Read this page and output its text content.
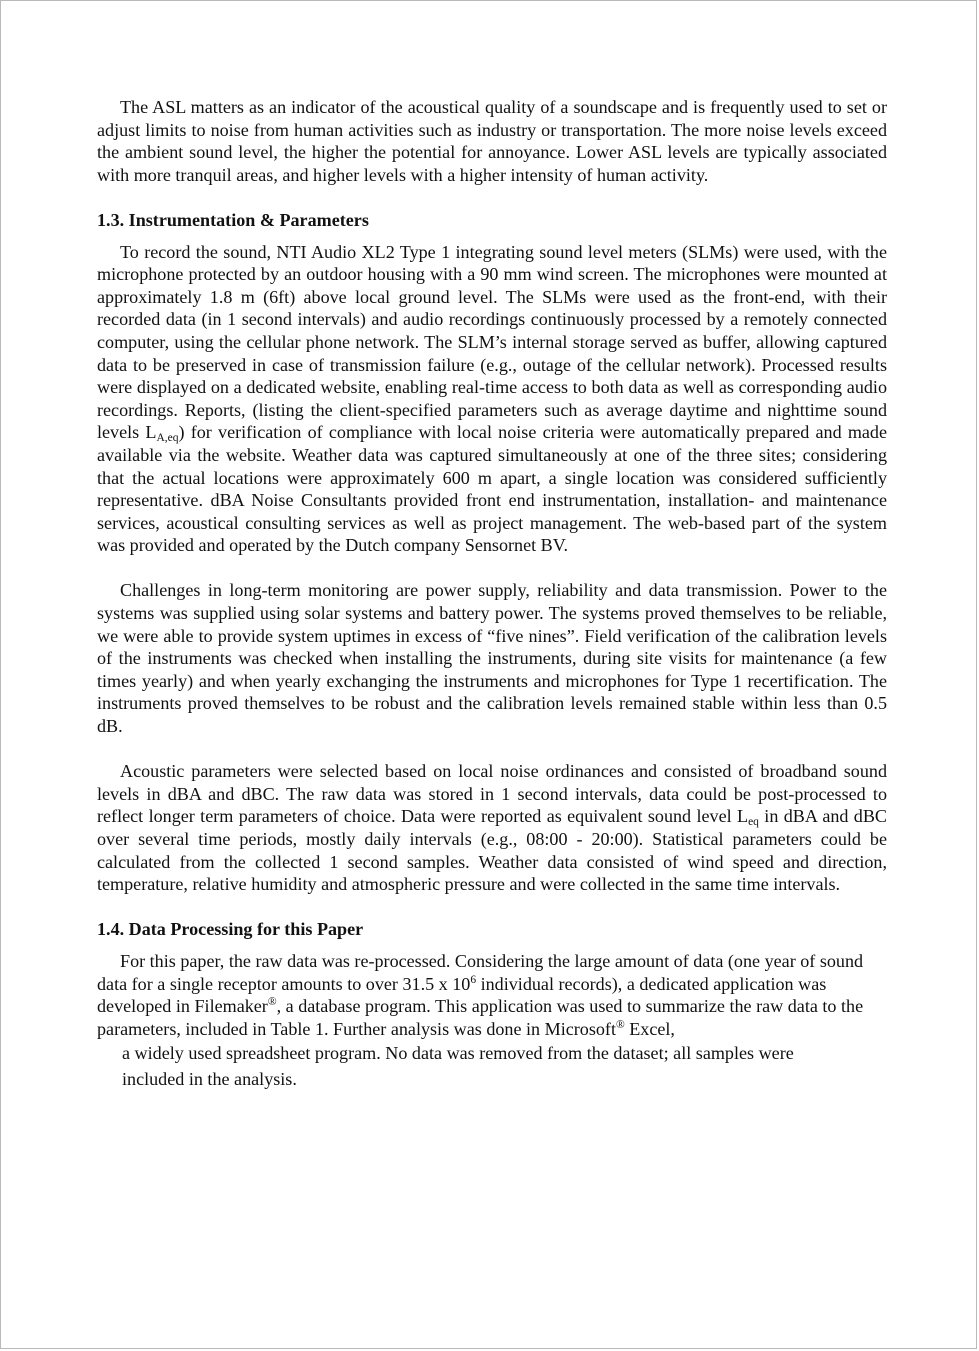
The ASL matters as an indicator of the acoustical quality of a soundscape and is frequently used to set or adjust limits to noise from human activities such as industry or transportation. The more noise levels exceed the ambient sound level, the higher the potential for annoyance. Lower ASL levels are typically associated with more tranquil areas, and higher levels with a higher intensity of human activity.

1.3. Instrumentation & Parameters

To record the sound, NTI Audio XL2 Type 1 integrating sound level meters (SLMs) were used, with the microphone protected by an outdoor housing with a 90 mm wind screen. The microphones were mounted at approximately 1.8 m (6ft) above local ground level. The SLMs were used as the front-end, with their recorded data (in 1 second intervals) and audio recordings continuously processed by a remotely connected computer, using the cellular phone network. The SLM’s internal storage served as buffer, allowing captured data to be preserved in case of transmission failure (e.g., outage of the cellular network). Processed results were displayed on a dedicated website, enabling real-time access to both data as well as corresponding audio recordings. Reports, (listing the client-specified parameters such as average daytime and nighttime sound levels $L_{A,eq}$) for verification of compliance with local noise criteria were automatically prepared and made available via the website. Weather data was captured simultaneously at one of the three sites; considering that the actual locations were approximately 600 m apart, a single location was considered sufficiently representative. dBA Noise Consultants provided front end instrumentation, installation- and maintenance services, acoustical consulting services as well as project management. The web-based part of the system was provided and operated by the Dutch company Sensornet BV.

Challenges in long-term monitoring are power supply, reliability and data transmission. Power to the systems was supplied using solar systems and battery power. The systems proved themselves to be reliable, we were able to provide system uptimes in excess of “five nines”. Field verification of the calibration levels of the instruments was checked when installing the instruments, during site visits for maintenance (a few times yearly) and when yearly exchanging the instruments and microphones for Type 1 recertification. The instruments proved themselves to be robust and the calibration levels remained stable within less than 0.5 dB.

Acoustic parameters were selected based on local noise ordinances and consisted of broadband sound levels in dBA and dBC. The raw data was stored in 1 second intervals, data could be post-processed to reflect longer term parameters of choice. Data were reported as equivalent sound level $L_{eq}$ in dBA and dBC over several time periods, mostly daily intervals (e.g., 08:00 - 20:00). Statistical parameters could be calculated from the collected 1 second samples. Weather data consisted of wind speed and direction, temperature, relative humidity and atmospheric pressure and were collected in the same time intervals.

1.4. Data Processing for this Paper

For this paper, the raw data was re-processed. Considering the large amount of data (one year of sound data for a single receptor amounts to over 31.5 x $10^6$ individual records), a dedicated application was developed in Filemaker®, a database program. This application was used to summarize the raw data to the parameters, included in Table 1. Further analysis was done in Microsoft® Excel,
a widely used spreadsheet program. No data was removed from the dataset; all samples were
included in the analysis.
